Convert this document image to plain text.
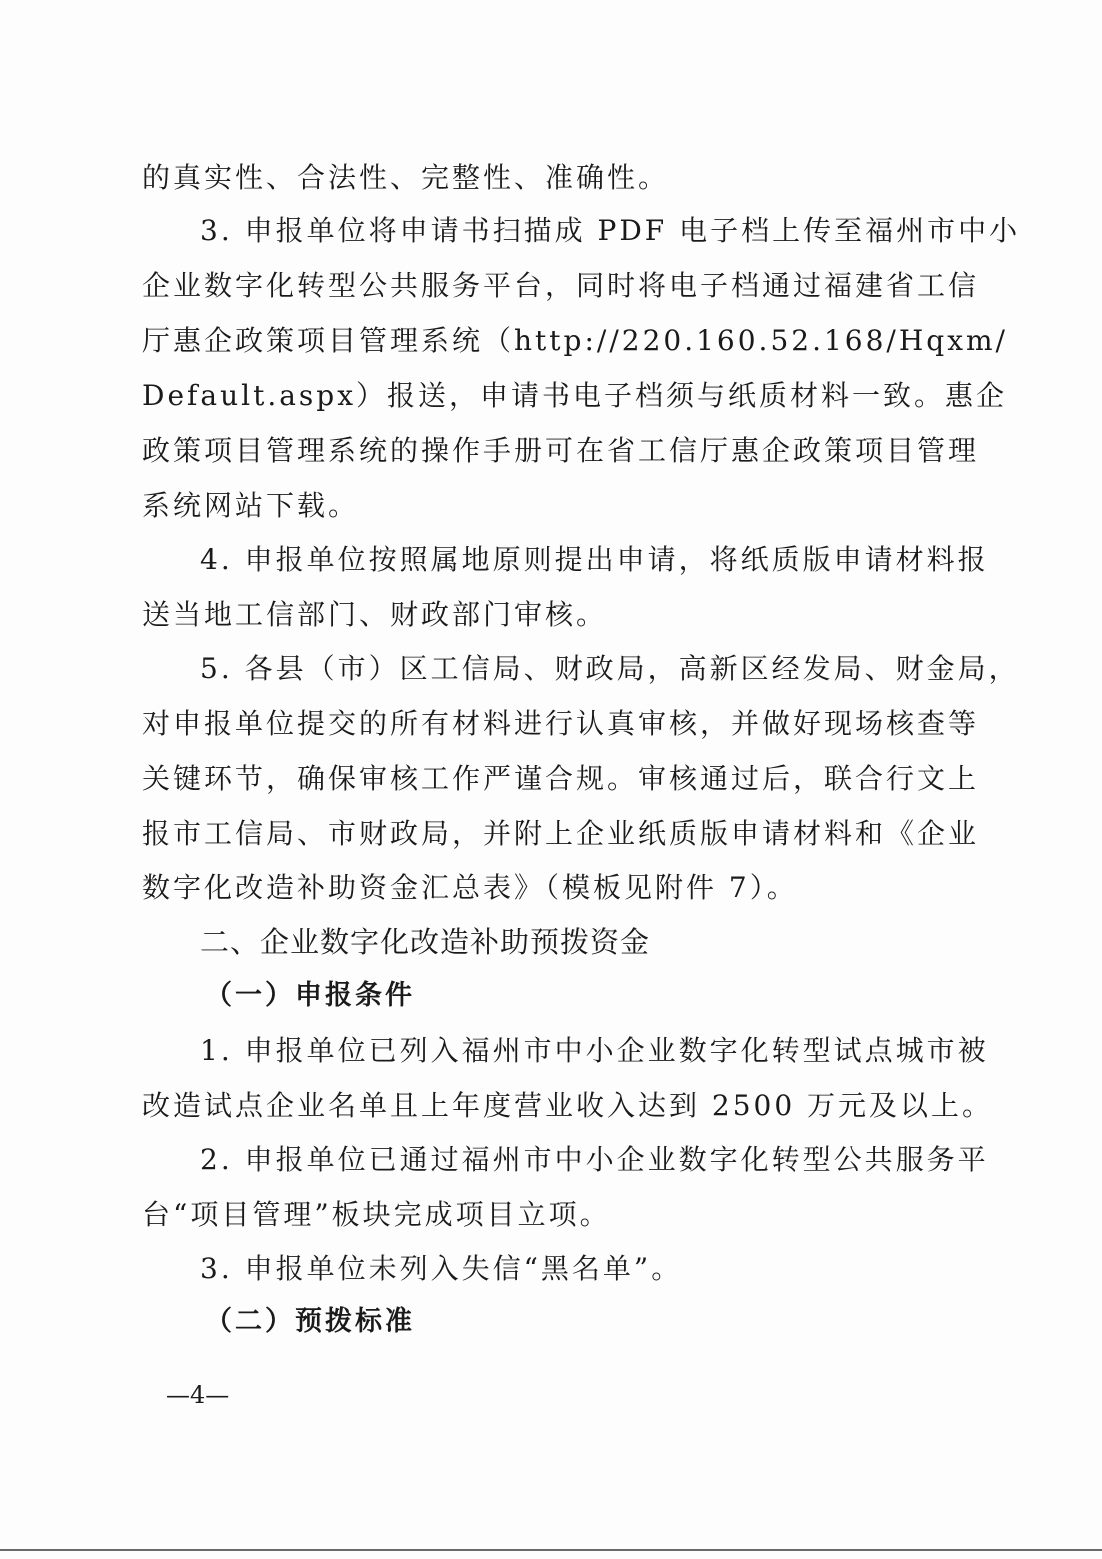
的真实性、合法性、完整性、准确性。
3. 申报单位将申请书扫描成 PDF 电子档上传至福州市中小
企业数字化转型公共服务平台，同时将电子档通过福建省工信
厅惠企政策项目管理系统（http://220.160.52.168/Hqxm/
Default.aspx）报送，申请书电子档须与纸质材料一致。惠企
政策项目管理系统的操作手册可在省工信厅惠企政策项目管理
系统网站下载。
4. 申报单位按照属地原则提出申请，将纸质版申请材料报
送当地工信部门、财政部门审核。
5. 各县（市）区工信局、财政局，高新区经发局、财金局，
对申报单位提交的所有材料进行认真审核，并做好现场核查等
关键环节，确保审核工作严谨合规。审核通过后，联合行文上
报市工信局、市财政局，并附上企业纸质版申请材料和《企业
数字化改造补助资金汇总表》（模板见附件 7）。
二、企业数字化改造补助预拨资金
（一）申报条件
1. 申报单位已列入福州市中小企业数字化转型试点城市被
改造试点企业名单且上年度营业收入达到 2500 万元及以上。
2. 申报单位已通过福州市中小企业数字化转型公共服务平
台“项目管理”板块完成项目立项。
3. 申报单位未列入失信“黑名单”。
（二）预拨标准
—4—
